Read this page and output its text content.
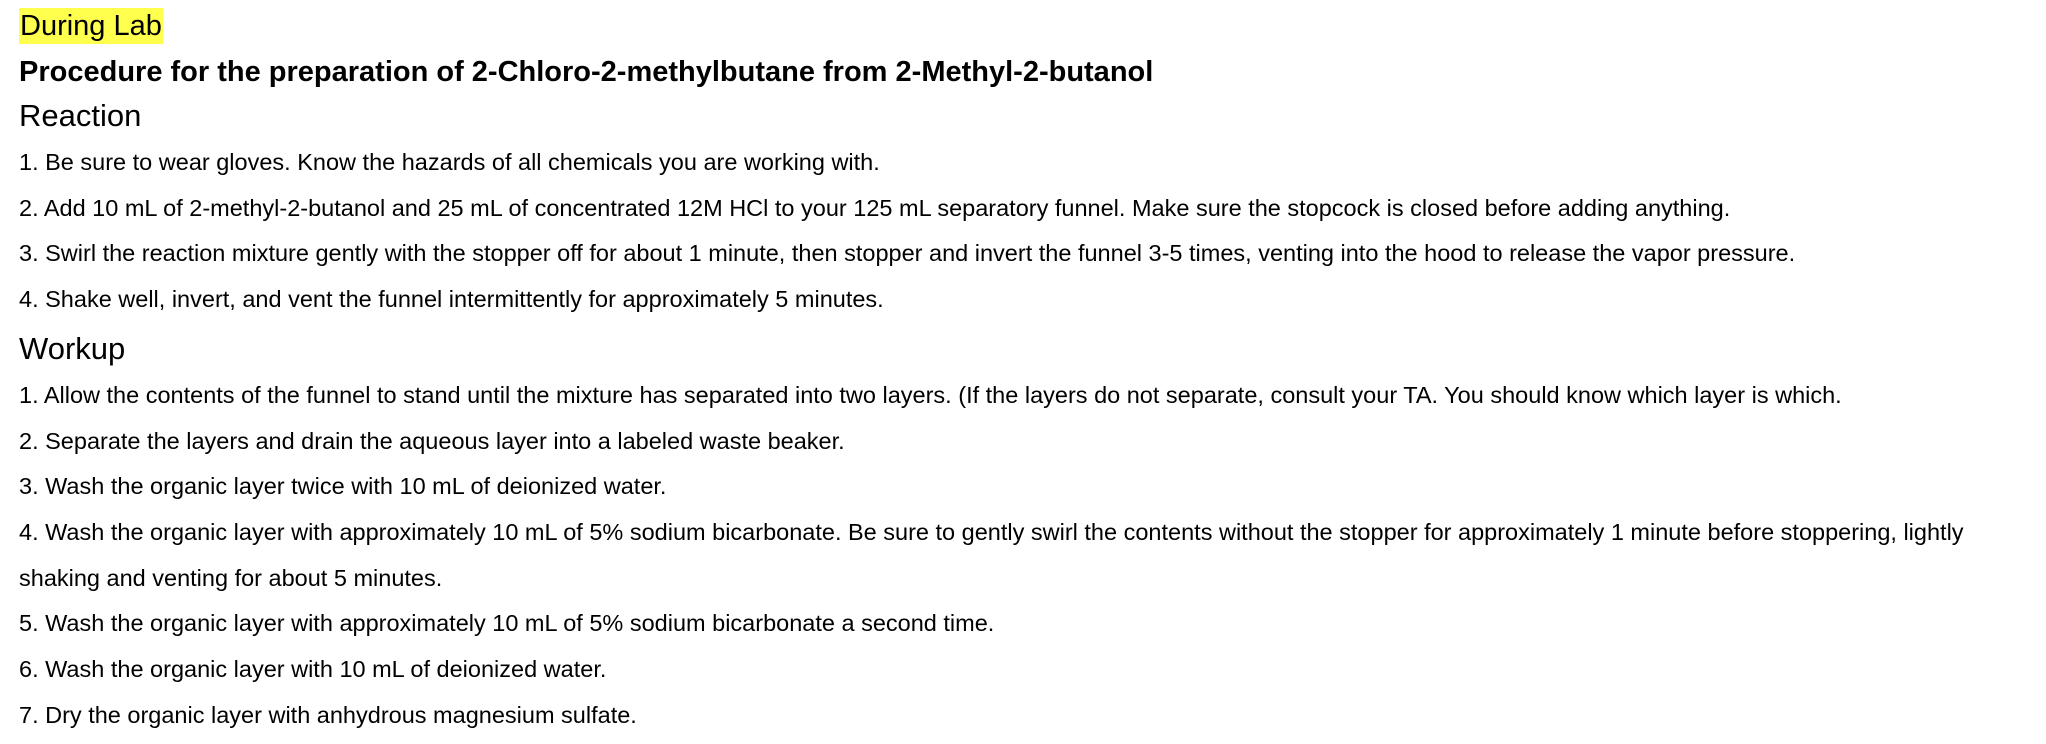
During Lab
Procedure for the preparation of 2-Chloro-2-methylbutane from 2-Methyl-2-butanol
Reaction
1. Be sure to wear gloves. Know the hazards of all chemicals you are working with.
2. Add 10 mL of 2-methyl-2-butanol and 25 mL of concentrated 12M HCl to your 125 mL separatory funnel. Make sure the stopcock is closed before adding anything.
3. Swirl the reaction mixture gently with the stopper off for about 1 minute, then stopper and invert the funnel 3-5 times, venting into the hood to release the vapor pressure.
4. Shake well, invert, and vent the funnel intermittently for approximately 5 minutes.
Workup
1. Allow the contents of the funnel to stand until the mixture has separated into two layers. (If the layers do not separate, consult your TA. You should know which layer is which.
2. Separate the layers and drain the aqueous layer into a labeled waste beaker.
3. Wash the organic layer twice with 10 mL of deionized water.
4. Wash the organic layer with approximately 10 mL of 5% sodium bicarbonate. Be sure to gently swirl the contents without the stopper for approximately 1 minute before stoppering, lightly shaking and venting for about 5 minutes.
5. Wash the organic layer with approximately 10 mL of 5% sodium bicarbonate a second time.
6. Wash the organic layer with 10 mL of deionized water.
7. Dry the organic layer with anhydrous magnesium sulfate.
